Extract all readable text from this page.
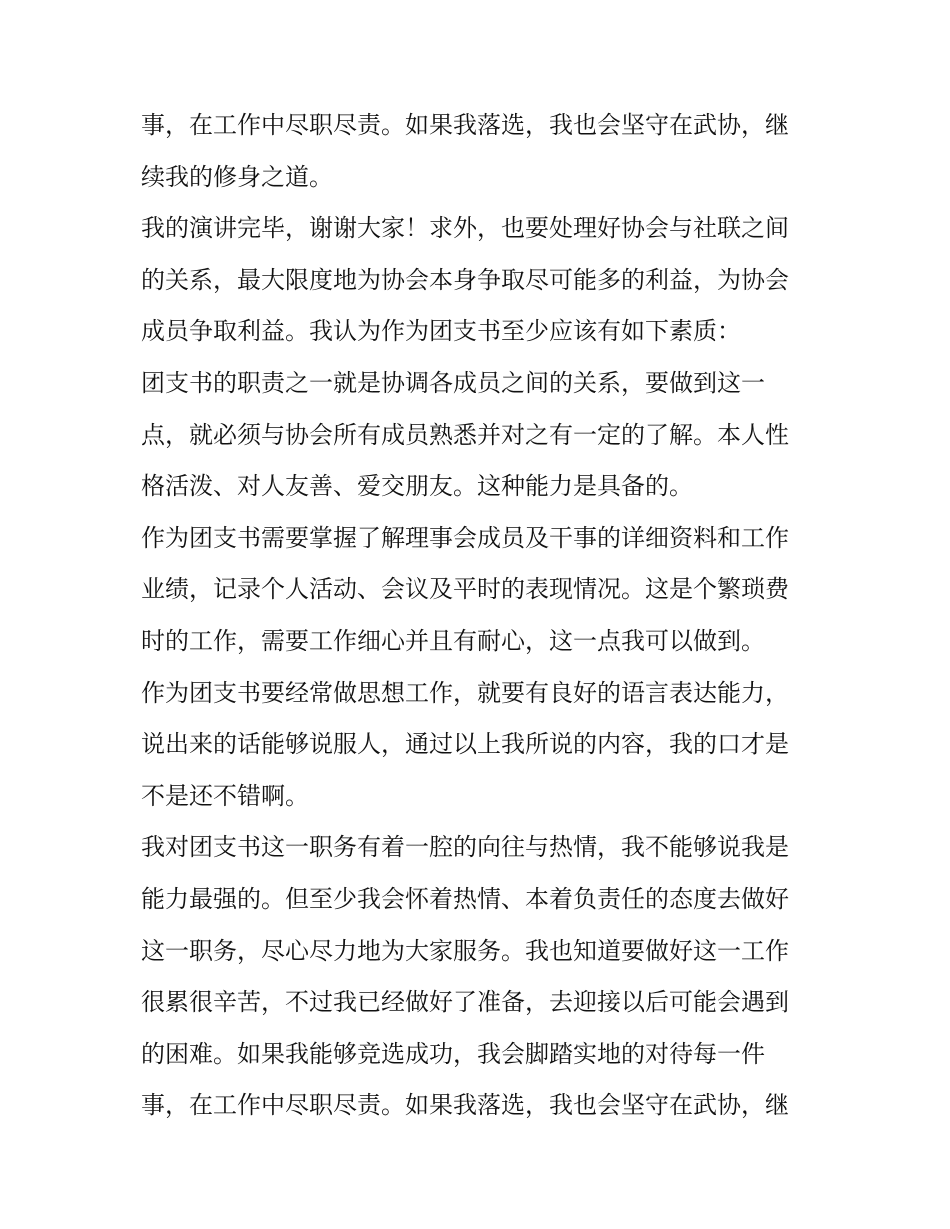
事，在工作中尽职尽责。如果我落选，我也会坚守在武协，继
续我的修身之道。
我的演讲完毕，谢谢大家！求外，也要处理好协会与社联之间
的关系，最大限度地为协会本身争取尽可能多的利益，为协会
成员争取利益。我认为作为团支书至少应该有如下素质：
团支书的职责之一就是协调各成员之间的关系，要做到这一
点，就必须与协会所有成员熟悉并对之有一定的了解。本人性
格活泼、对人友善、爱交朋友。这种能力是具备的。
作为团支书需要掌握了解理事会成员及干事的详细资料和工作
业绩，记录个人活动、会议及平时的表现情况。这是个繁琐费
时的工作，需要工作细心并且有耐心，这一点我可以做到。
作为团支书要经常做思想工作，就要有良好的语言表达能力，
说出来的话能够说服人，通过以上我所说的内容，我的口才是
不是还不错啊。
我对团支书这一职务有着一腔的向往与热情，我不能够说我是
能力最强的。但至少我会怀着热情、本着负责任的态度去做好
这一职务，尽心尽力地为大家服务。我也知道要做好这一工作
很累很辛苦，不过我已经做好了准备，去迎接以后可能会遇到
的困难。如果我能够竞选成功，我会脚踏实地的对待每一件
事，在工作中尽职尽责。如果我落选，我也会坚守在武协，继
